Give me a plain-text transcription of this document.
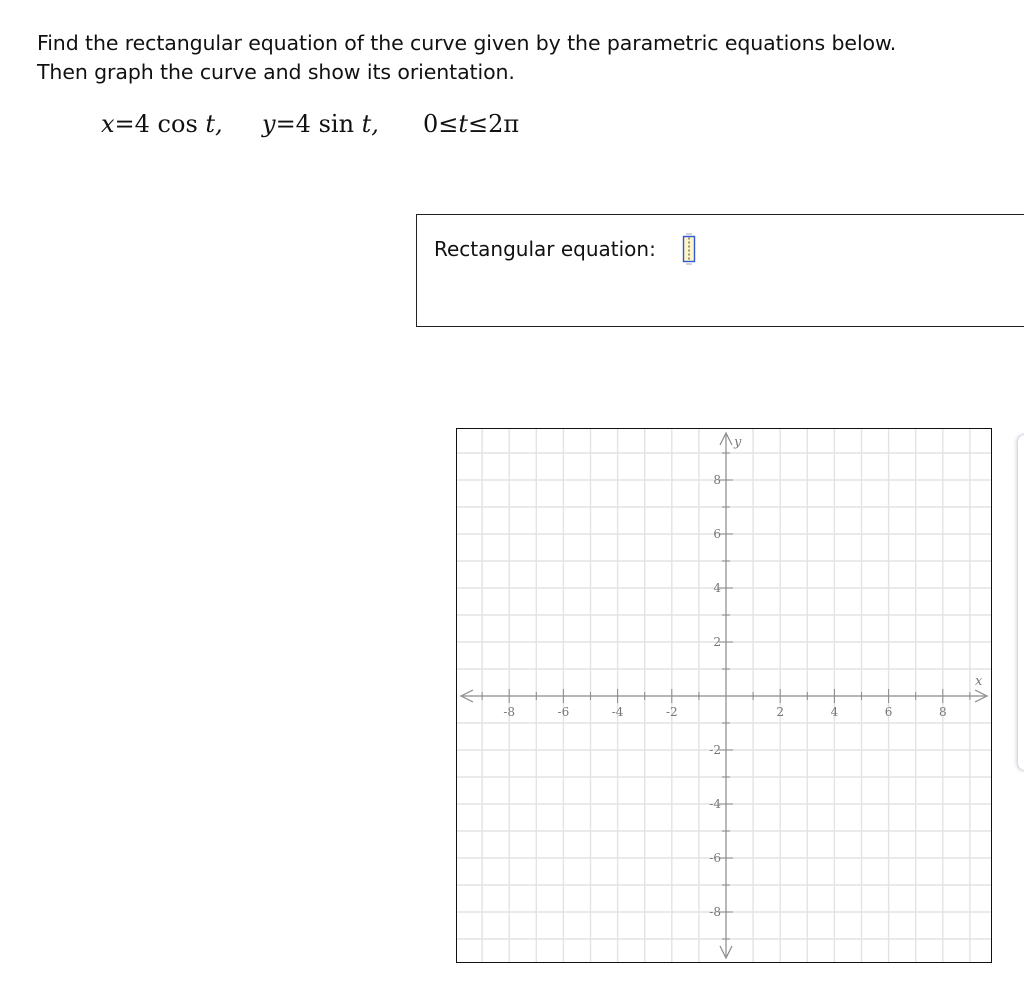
Find the rectangular equation of the curve given by the parametric equations below.
Then graph the curve and show its orientation.
x=4 cos t, y=4 sin t, 0≤t≤2π
Rectangular equation:
-8	-6	-4	-2	2	4	6	8
8
6
4
2
-2
-4
-6
-8
x
y
